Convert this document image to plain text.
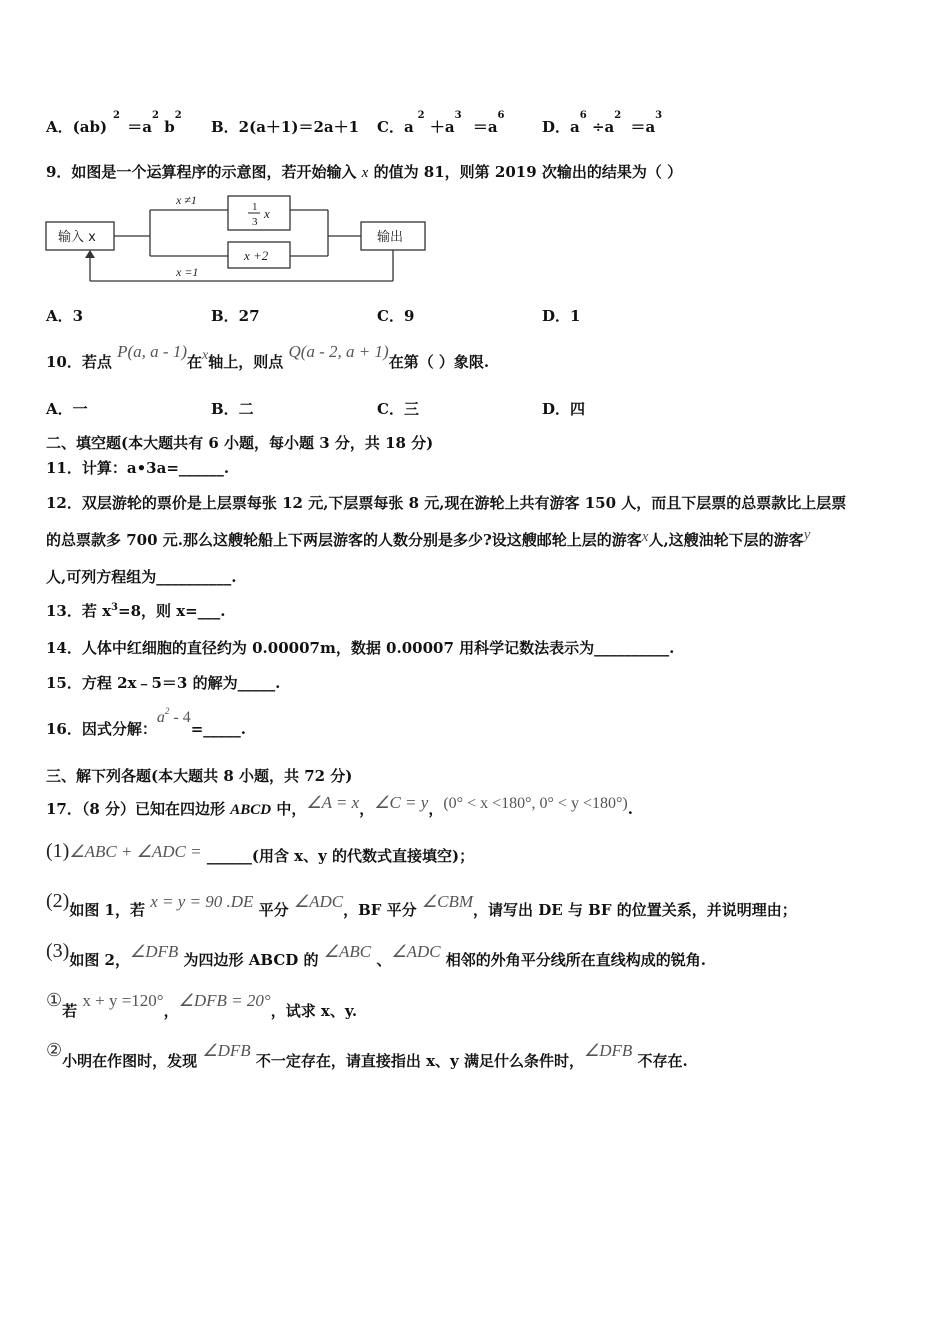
A．$(ab)^2 =a^2$ $b^2$
B．2(a＋1)＝2a＋1 C．$a^2 +a^3 =a^6$
D．$a^6 \div a^2 =a^3$
9．如图是一个运算程序的示意图，若开始输入 x 的值为 81，则第 2019 次输出的结果为（ ）
输入 x	输出
x ≠1
x =1
1
3
x
x +2
A．3	B．27	C．9	D．1
10．若点 P(a, a - 1)在x轴上，则点 Q(a - 2, a + 1)在第（ ）象限.
A．一	B．二	C．三	D．四
二、填空题(本大题共有 6 小题，每小题 3 分，共 18 分)
11．计算：a•3a=______.
12．双层游轮的票价是上层票每张 12 元,下层票每张 8 元,现在游轮上共有游客 150 人，而且下层票的总票款比上层票
的总票款多 700 元.那么这艘轮船上下两层游客的人数分别是多少?设这艘邮轮上层的游客x人,这艘油轮下层的游客y
人,可列方程组为__________.
13．若 $x^3=8$，则 x=___.
14．人体中红细胞的直径约为 0.00007m，数据 0.00007 用科学记数法表示为__________.
15．方程 2x﹣5＝3 的解为_____.
16．因式分解：$a^2$ - 4=_____.
三、解下列各题(本大题共 8 小题，共 72 分)
17．（8 分）已知在四边形 ABCD 中，∠A = x，∠C = y，(0° < x <180°, 0° < y <180°).
(1)∠ABC + ∠ADC = ______(用含 x、y 的代数式直接填空)；
(2)如图 1，若 x = y = 90 .DE 平分 ∠ADC，BF 平分 ∠CBM，请写出 DE 与 BF 的位置关系，并说明理由；
(3)如图 2，∠DFB 为四边形 ABCD 的 ∠ABC 、∠ADC 相邻的外角平分线所在直线构成的锐角.
①若 x + y =120°，∠DFB = 20°，试求 x、y.
②小明在作图时，发现 ∠DFB 不一定存在，请直接指出 x、y 满足什么条件时，∠DFB 不存在.
